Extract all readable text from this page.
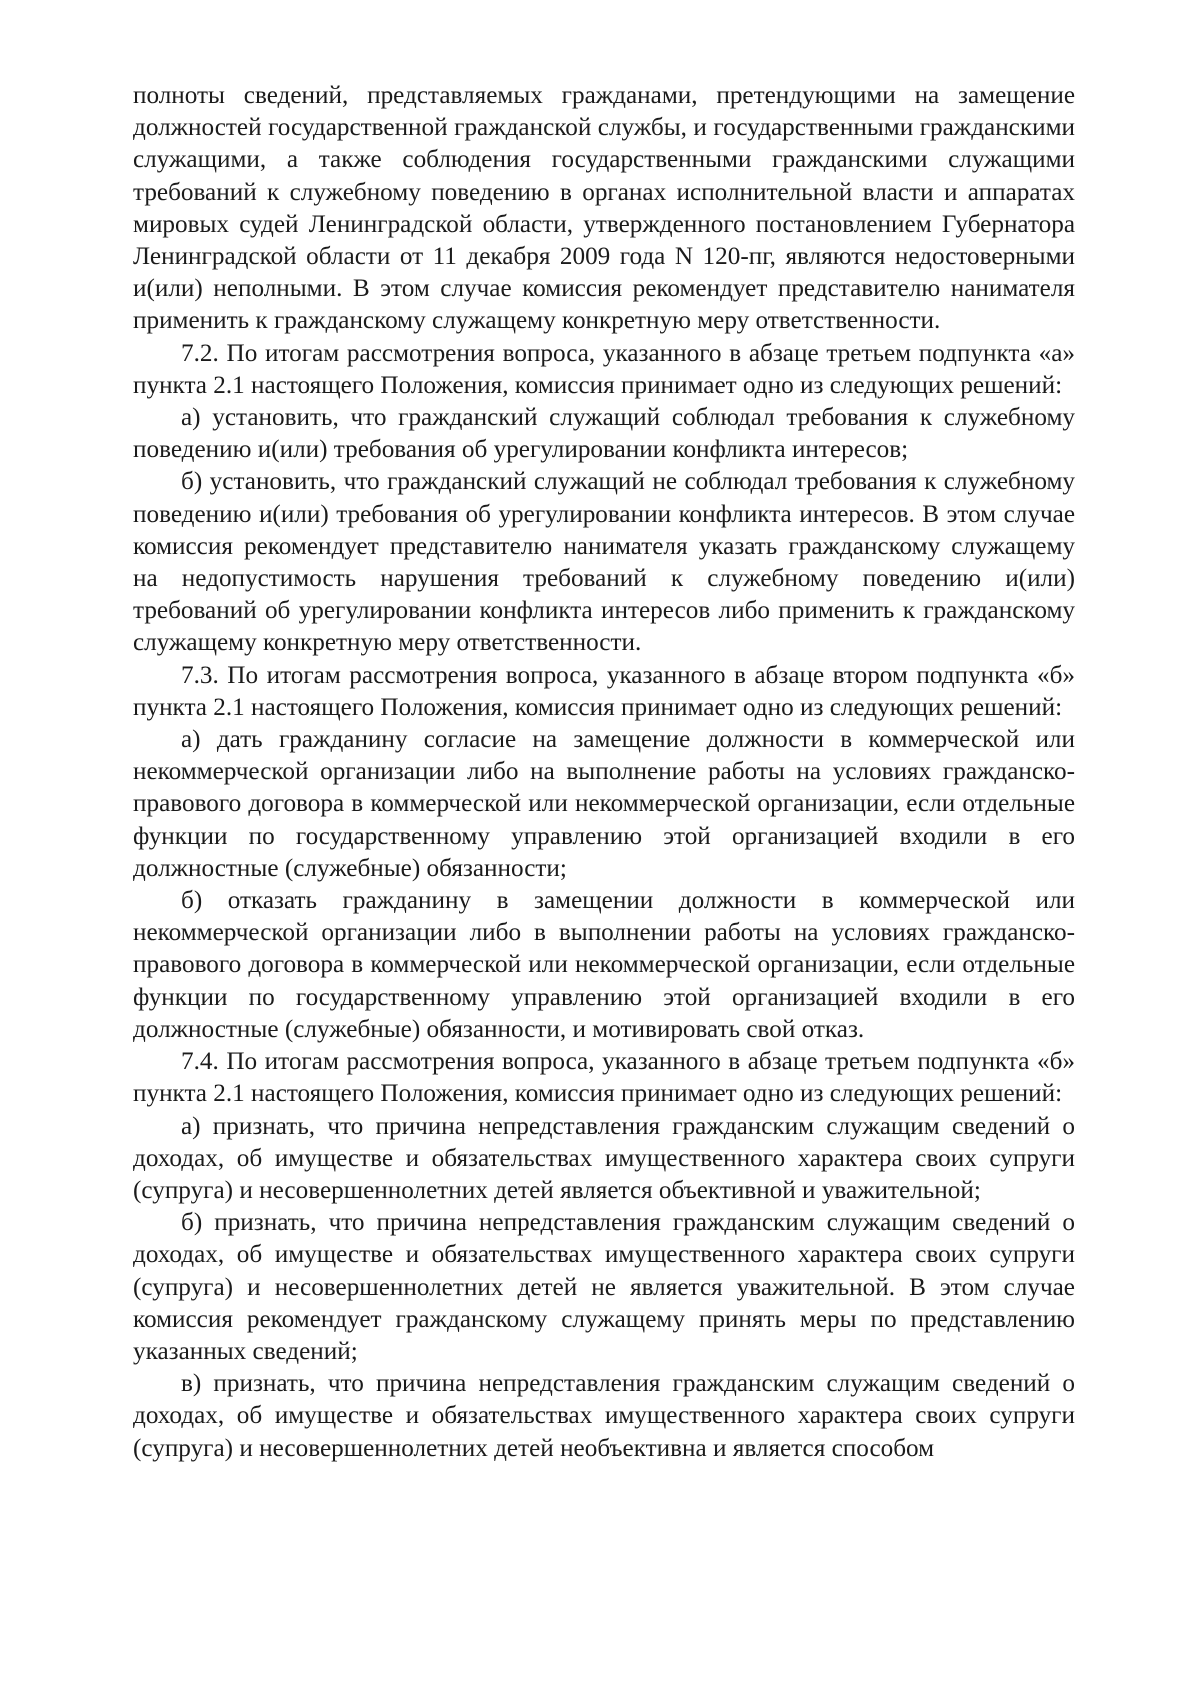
полноты сведений, представляемых гражданами, претендующими на замещение должностей государственной гражданской службы, и государственными гражданскими служащими, а также соблюдения государственными гражданскими служащими требований к служебному поведению в органах исполнительной власти и аппаратах мировых судей Ленинградской области, утвержденного постановлением Губернатора Ленинградской области от 11 декабря 2009 года N 120-пг, являются недостоверными и(или) неполными. В этом случае комиссия рекомендует представителю нанимателя применить к гражданскому служащему конкретную меру ответственности.

7.2. По итогам рассмотрения вопроса, указанного в абзаце третьем подпункта «а» пункта 2.1 настоящего Положения, комиссия принимает одно из следующих решений:

а) установить, что гражданский служащий соблюдал требования к служебному поведению и(или) требования об урегулировании конфликта интересов;

б) установить, что гражданский служащий не соблюдал требования к служебному поведению и(или) требования об урегулировании конфликта интересов. В этом случае комиссия рекомендует представителю нанимателя указать гражданскому служащему на недопустимость нарушения требований к служебному поведению и(или) требований об урегулировании конфликта интересов либо применить к гражданскому служащему конкретную меру ответственности.

7.3. По итогам рассмотрения вопроса, указанного в абзаце втором подпункта «б» пункта 2.1 настоящего Положения, комиссия принимает одно из следующих решений:

а) дать гражданину согласие на замещение должности в коммерческой или некоммерческой организации либо на выполнение работы на условиях гражданско-правового договора в коммерческой или некоммерческой организации, если отдельные функции по государственному управлению этой организацией входили в его должностные (служебные) обязанности;

б) отказать гражданину в замещении должности в коммерческой или некоммерческой организации либо в выполнении работы на условиях гражданско-правового договора в коммерческой или некоммерческой организации, если отдельные функции по государственному управлению этой организацией входили в его должностные (служебные) обязанности, и мотивировать свой отказ.

7.4. По итогам рассмотрения вопроса, указанного в абзаце третьем подпункта «б» пункта 2.1 настоящего Положения, комиссия принимает одно из следующих решений:

а) признать, что причина непредставления гражданским служащим сведений о доходах, об имуществе и обязательствах имущественного характера своих супруги (супруга) и несовершеннолетних детей является объективной и уважительной;

б) признать, что причина непредставления гражданским служащим сведений о доходах, об имуществе и обязательствах имущественного характера своих супруги (супруга) и несовершеннолетних детей не является уважительной. В этом случае комиссия рекомендует гражданскому служащему принять меры по представлению указанных сведений;

в) признать, что причина непредставления гражданским служащим сведений о доходах, об имуществе и обязательствах имущественного характера своих супруги (супруга) и несовершеннолетних детей необъективна и является способом
